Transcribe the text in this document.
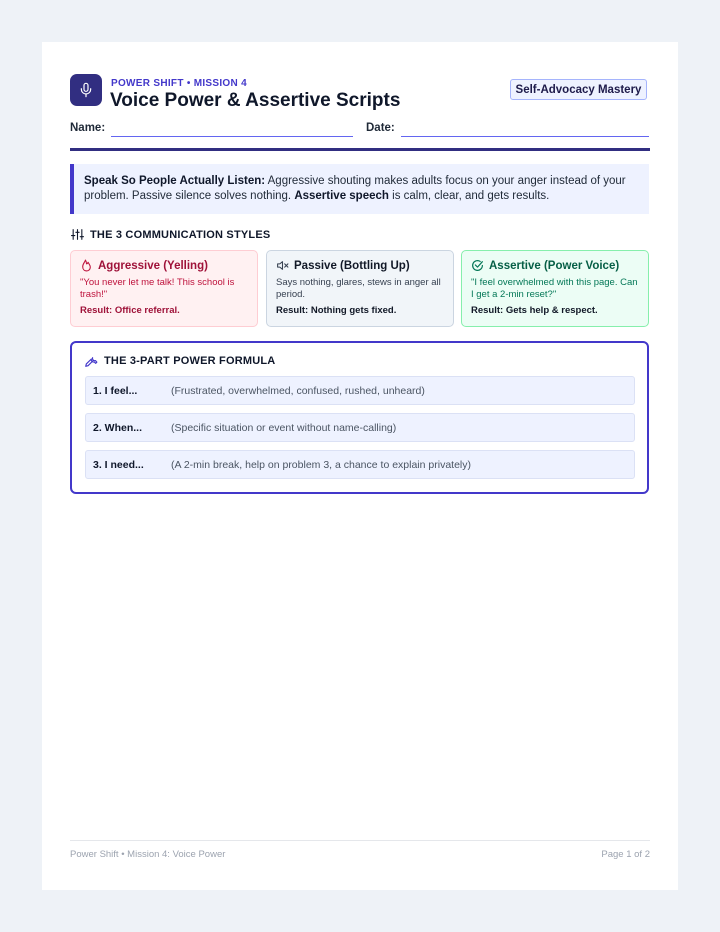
POWER SHIFT • MISSION 4
Voice Power & Assertive Scripts
Self-Advocacy Mastery
Name:	Date:
Speak So People Actually Listen: Aggressive shouting makes adults focus on your anger instead of your problem. Passive silence solves nothing. Assertive speech is calm, clear, and gets results.
THE 3 COMMUNICATION STYLES
Aggressive (Yelling)
"You never let me talk! This school is trash!"
Result: Office referral.
Passive (Bottling Up)
Says nothing, glares, stews in anger all period.
Result: Nothing gets fixed.
Assertive (Power Voice)
"I feel overwhelmed with this page. Can I get a 2-min reset?"
Result: Gets help & respect.
THE 3-PART POWER FORMULA
1. I feel...	(Frustrated, overwhelmed, confused, rushed, unheard)
2. When...	(Specific situation or event without name-calling)
3. I need...	(A 2-min break, help on problem 3, a chance to explain privately)
Power Shift • Mission 4: Voice Power	Page 1 of 2
